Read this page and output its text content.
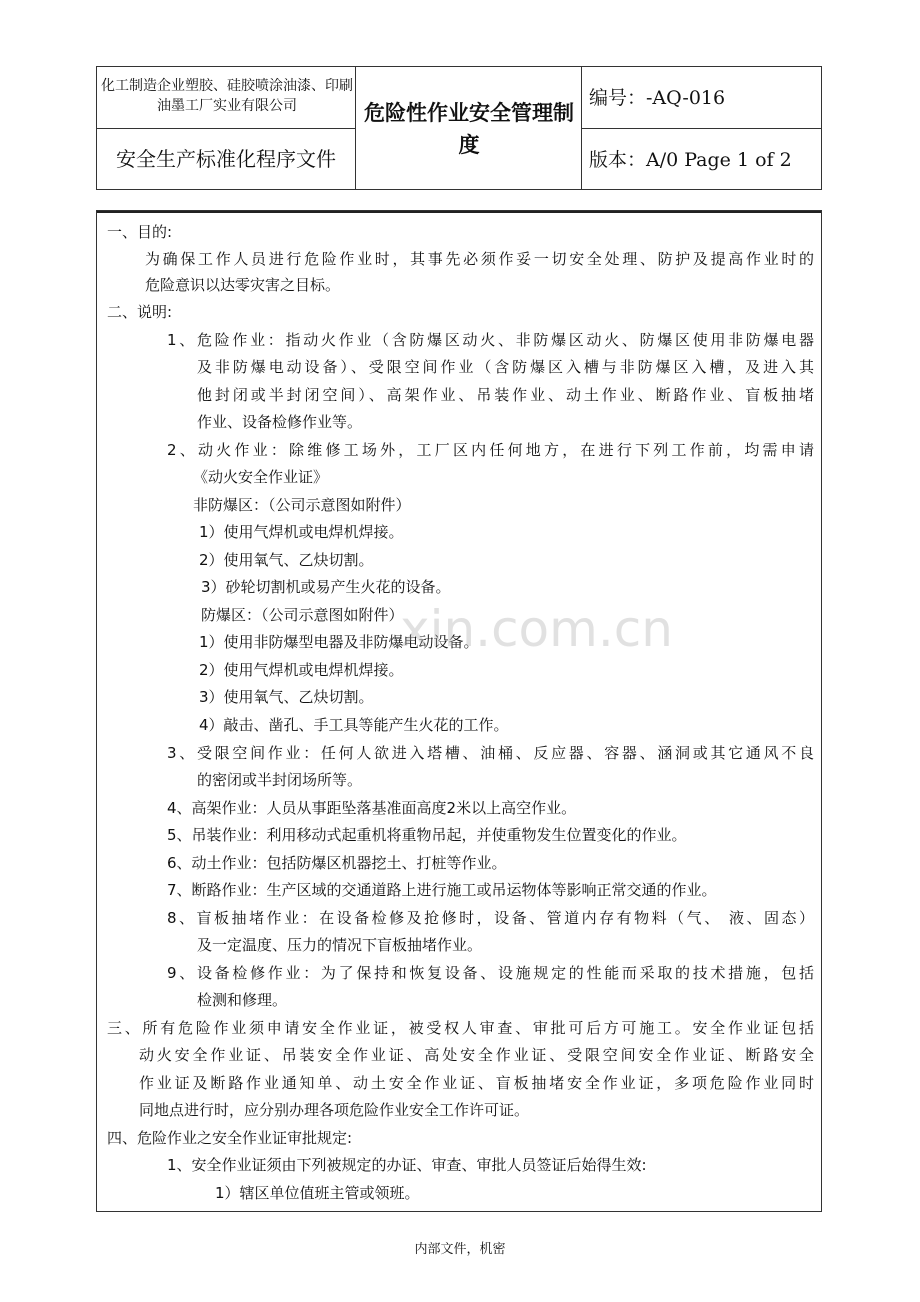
化工制造企业塑胶、硅胶喷涂油漆、印刷油墨工厂实业有限公司
安全生产标准化程序文件
危险性作业安全管理制度
编号：-AQ-016
版本：A/0 Page 1 of 2
一、目的:
为确保工作人员进行危险作业时，其事先必须作妥一切安全处理、防护及提高作业时的
危险意识以达零灾害之目标。
二、说明:
1、危险作业：指动火作业（含防爆区动火、非防爆区动火、防爆区使用非防爆电器
及非防爆电动设备）、受限空间作业（含防爆区入槽与非防爆区入槽，及进入其
他封闭或半封闭空间）、高架作业、吊装作业、动土作业、断路作业、盲板抽堵
作业、设备检修作业等。
2、动火作业：除维修工场外，工厂区内任何地方，在进行下列工作前，均需申请
《动火安全作业证》
非防爆区：（公司示意图如附件）
1）使用气焊机或电焊机焊接。
2）使用氧气、乙炔切割。
3）砂轮切割机或易产生火花的设备。
防爆区：（公司示意图如附件）
1）使用非防爆型电器及非防爆电动设备。
2）使用气焊机或电焊机焊接。
3）使用氧气、乙炔切割。
4）敲击、凿孔、手工具等能产生火花的工作。
3、受限空间作业：任何人欲进入塔槽、油桶、反应器、容器、涵洞或其它通风不良
的密闭或半封闭场所等。
4、高架作业：人员从事距坠落基准面高度2米以上高空作业。
5、吊装作业：利用移动式起重机将重物吊起，并使重物发生位置变化的作业。
6、动土作业：包括防爆区机器挖土、打桩等作业。
7、断路作业：生产区域的交通道路上进行施工或吊运物体等影响正常交通的作业。
8、盲板抽堵作业：在设备检修及抢修时，设备、管道内存有物料（气、 液、固态）
及一定温度、压力的情况下盲板抽堵作业。
9、设备检修作业：为了保持和恢复设备、设施规定的性能而采取的技术措施，包括
检测和修理。
三、所有危险作业须申请安全作业证，被受权人审查、审批可后方可施工。安全作业证包括
动火安全作业证、吊装安全作业证、高处安全作业证、受限空间安全作业证、断路安全
作业证及断路作业通知单、动土安全作业证、盲板抽堵安全作业证，多项危险作业同时
同地点进行时，应分别办理各项危险作业安全工作许可证。
四、危险作业之安全作业证审批规定:
1、安全作业证须由下列被规定的办证、审查、审批人员签证后始得生效:
1）辖区单位值班主管或领班。
xin.com.cn
内部文件，机密
